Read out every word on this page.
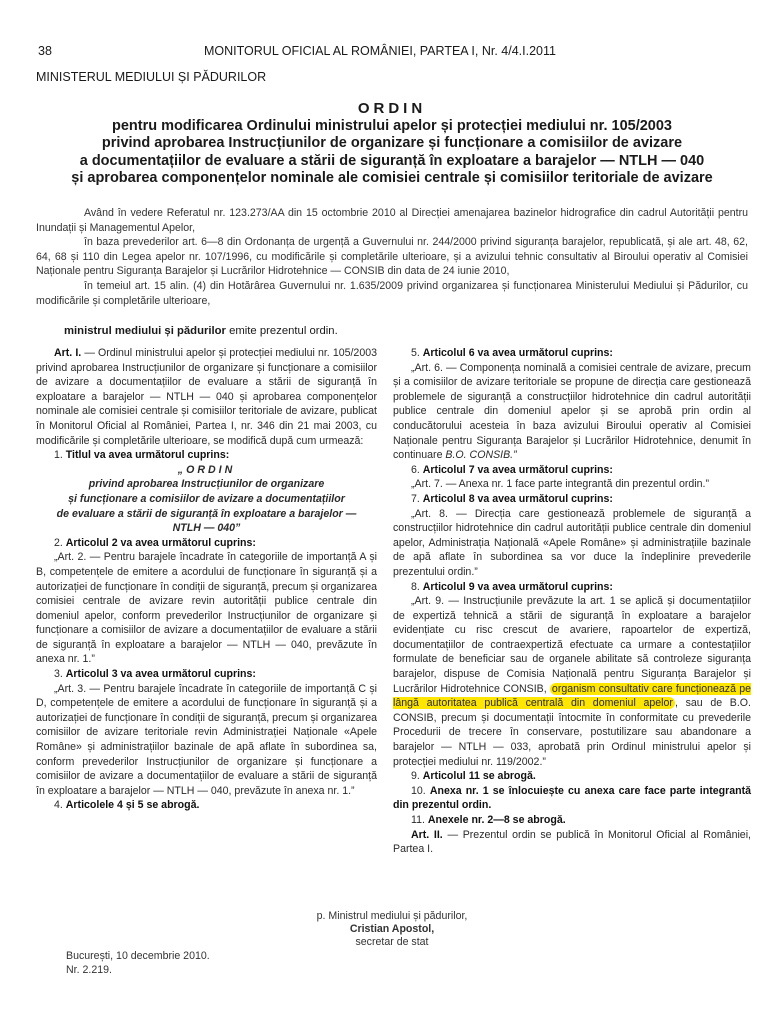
38	MONITORUL OFICIAL AL ROMÂNIEI, PARTEA I, Nr. 4/4.I.2011
MINISTERUL MEDIULUI ȘI PĂDURILOR
ORDIN
pentru modificarea Ordinului ministrului apelor și protecției mediului nr. 105/2003
privind aprobarea Instrucțiunilor de organizare și funcționare a comisiilor de avizare
a documentațiilor de evaluare a stării de siguranță în exploatare a barajelor — NTLH — 040
și aprobarea componențelor nominale ale comisiei centrale și comisiilor teritoriale de avizare

Având în vedere Referatul nr. 123.273/AA din 15 octombrie 2010 al Direcției amenajarea bazinelor hidrografice din cadrul Autorității pentru Inundații și Managementul Apelor,

în baza prevederilor art. 6—8 din Ordonanța de urgență a Guvernului nr. 244/2000 privind siguranța barajelor, republicată, și ale art. 48, 62, 64, 68 și 110 din Legea apelor nr. 107/1996, cu modificările și completările ulterioare, și a avizului tehnic consultativ al Biroului operativ al Comisiei Naționale pentru Siguranța Barajelor și Lucrărilor Hidrotehnice — CONSIB din data de 24 iunie 2010,

în temeiul art. 15 alin. (4) din Hotărârea Guvernului nr. 1.635/2009 privind organizarea și funcționarea Ministerului Mediului și Pădurilor, cu modificările și completările ulterioare,

ministrul mediului și pădurilor emite prezentul ordin.

Art. I. — Ordinul ministrului apelor și protecției mediului nr. 105/2003 privind aprobarea Instrucțiunilor de organizare și funcționare a comisiilor de avizare a documentațiilor de evaluare a stării de siguranță în exploatare a barajelor — NTLH — 040 și aprobarea componențelor nominale ale comisiei centrale și comisiilor teritoriale de avizare, publicat în Monitorul Oficial al României, Partea I, nr. 346 din 21 mai 2003, cu modificările și completările ulterioare, se modifică după cum urmează:

1. Titlul va avea următorul cuprins:

„ORDIN

privind aprobarea Instrucțiunilor de organizare

și funcționare a comisiilor de avizare a documentațiilor

de evaluare a stării de siguranță în exploatare a barajelor —

NTLH — 040”

2. Articolul 2 va avea următorul cuprins:

„Art. 2. — Pentru barajele încadrate în categoriile de importanță A și B, competențele de emitere a acordului de funcționare în siguranță și a autorizației de funcționare în condiții de siguranță, precum și organizarea comisiei centrale de avizare revin autorității publice centrale din domeniul apelor, conform prevederilor Instrucțiunilor de organizare și funcționare a comisiilor de avizare a documentațiilor de evaluare a stării de siguranță în exploatare a barajelor — NTLH — 040, prevăzute în anexa nr. 1.”

3. Articolul 3 va avea următorul cuprins:

„Art. 3. — Pentru barajele încadrate în categoriile de importanță C și D, competențele de emitere a acordului de funcționare în siguranță și a autorizației de funcționare în condiții de siguranță, precum și organizarea comisiilor de avizare teritoriale revin Administrației Naționale «Apele Române» și administrațiilor bazinale de apă aflate în subordinea sa, conform prevederilor Instrucțiunilor de organizare și funcționare a comisiilor de avizare a documentațiilor de evaluare a stării de siguranță în exploatare a barajelor — NTLH — 040, prevăzute în anexa nr. 1.”

4. Articolele 4 și 5 se abrogă.

5. Articolul 6 va avea următorul cuprins:

„Art. 6. — Componența nominală a comisiei centrale de avizare, precum și a comisiilor de avizare teritoriale se propune de direcția care gestionează problemele de siguranță a construcțiilor hidrotehnice din cadrul autorității publice centrale din domeniul apelor și se aprobă prin ordin al conducătorului acesteia în baza avizului Biroului operativ al Comisiei Naționale pentru Siguranța Barajelor și Lucrărilor Hidrotehnice, denumit în continuare B.O. CONSIB.”

6. Articolul 7 va avea următorul cuprins:

„Art. 7. — Anexa nr. 1 face parte integrantă din prezentul ordin.”

7. Articolul 8 va avea următorul cuprins:

„Art. 8. — Direcția care gestionează problemele de siguranță a construcțiilor hidrotehnice din cadrul autorității publice centrale din domeniul apelor, Administrația Națională «Apele Române» și administrațiile bazinale de apă aflate în subordinea sa vor duce la îndeplinire prevederile prezentului ordin.”

8. Articolul 9 va avea următorul cuprins:

„Art. 9. — Instrucțiunile prevăzute la art. 1 se aplică și documentațiilor de expertiză tehnică a stării de siguranță în exploatare a barajelor evidențiate cu risc crescut de avariere, rapoartelor de expertiză, documentațiilor de contraexpertiză efectuate ca urmare a contestațiilor formulate de beneficiar sau de organele abilitate să controleze siguranța barajelor, dispuse de Comisia Națională pentru Siguranța Barajelor și Lucrărilor Hidrotehnice CONSIB, organism consultativ care funcționează pe lângă autoritatea publică centrală din domeniul apelor , sau de B.O. CONSIB, precum și documentații întocmite în conformitate cu prevederile Procedurii de trecere în conservare, postutilizare sau abandonare a barajelor — NTLH — 033, aprobată prin Ordinul ministrului apelor și protecției mediului nr. 119/2002.”

9. Articolul 11 se abrogă.

10. Anexa nr. 1 se înlocuiește cu anexa care face parte integrantă din prezentul ordin.

11. Anexele nr. 2—8 se abrogă.

Art. II. — Prezentul ordin se publică în Monitorul Oficial al României, Partea I.

p. Ministrul mediului și pădurilor,
Cristian Apostol,
secretar de stat
București, 10 decembrie 2010.
Nr. 2.219.
